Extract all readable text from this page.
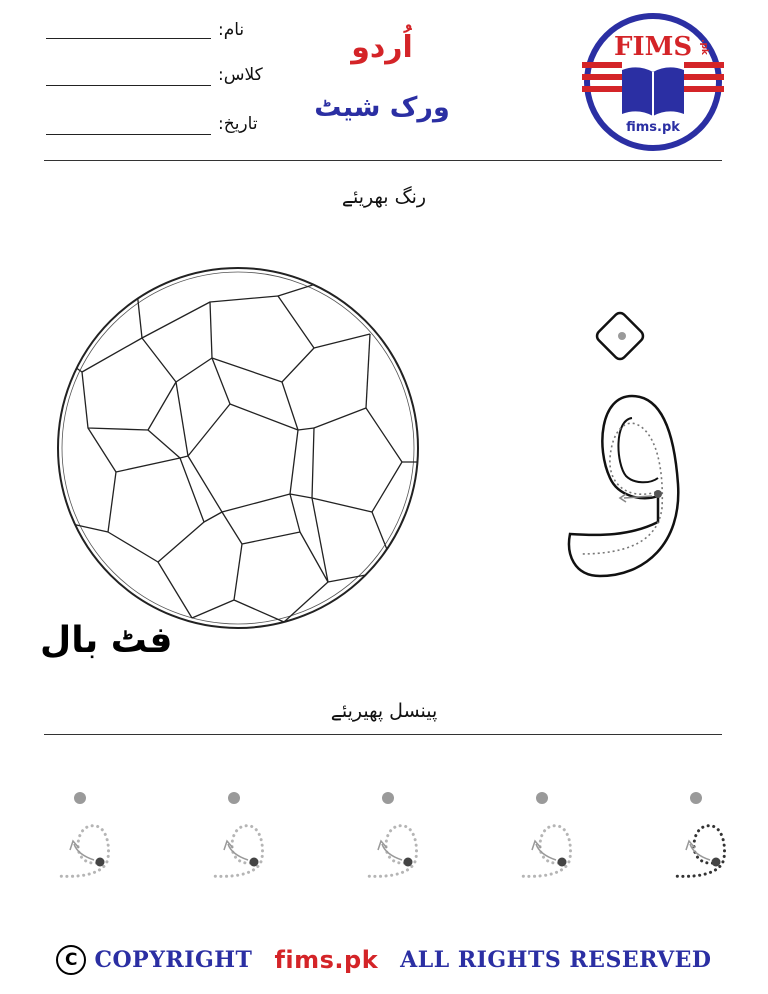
نام:
کلاس:
تاریخ:
اُردو
ورک شیٹ
FIMS .pk
fims.pk
رنگ بھریئے
فٹ بال
پینسل پھیریئے
C COPYRIGHT fims.pk ALL RIGHTS RESERVED
